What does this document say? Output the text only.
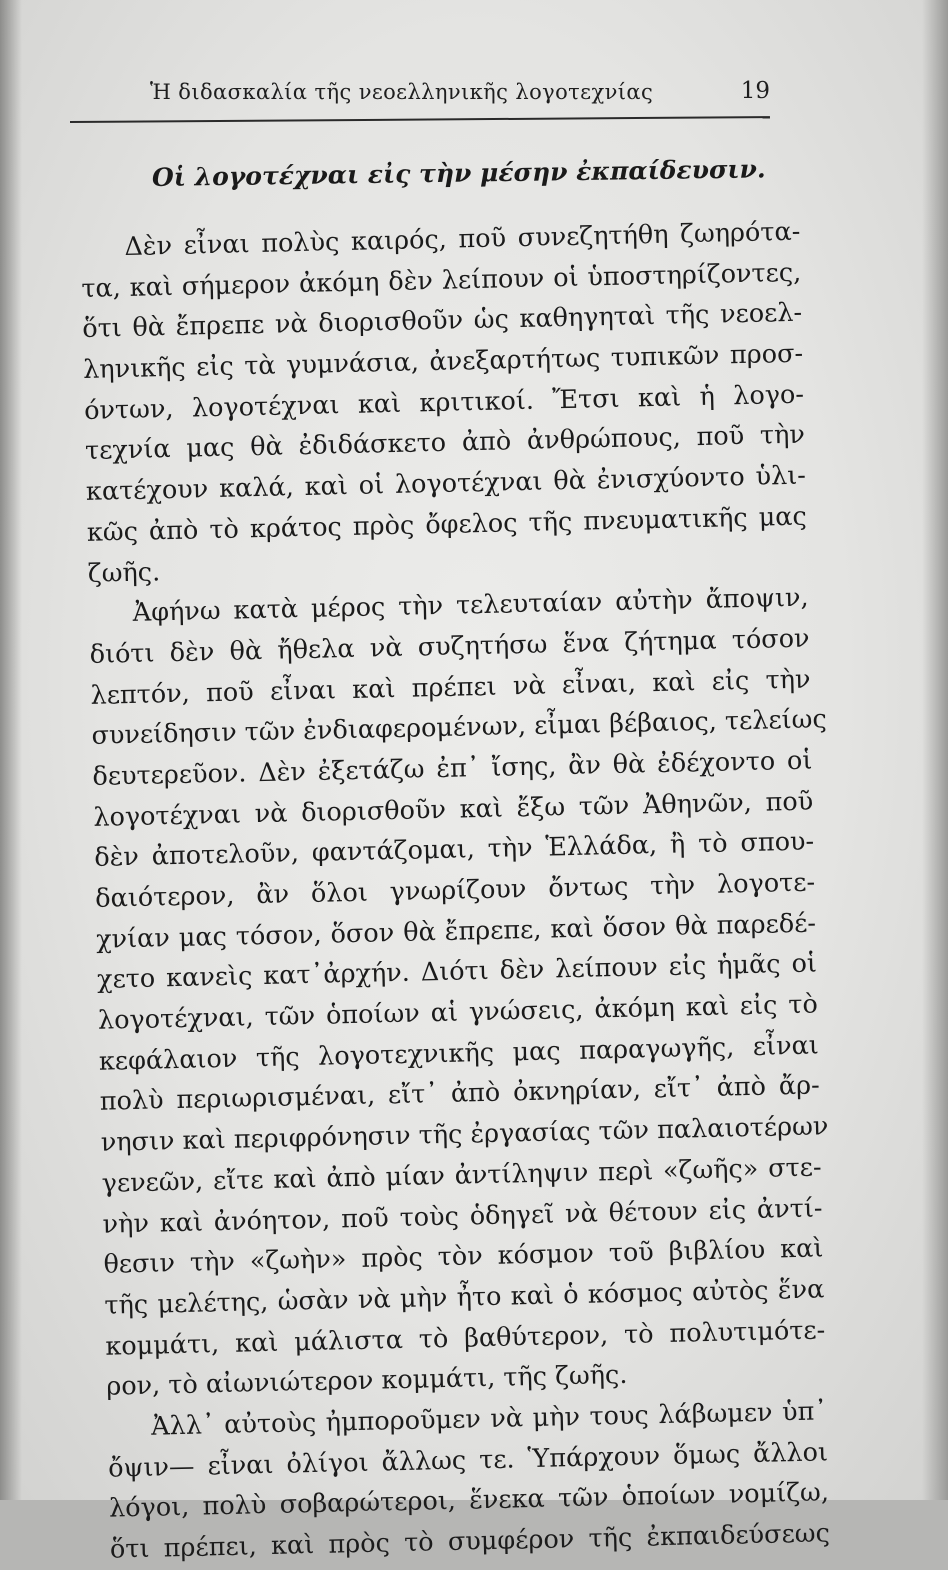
Ἡ διδασκαλία τῆς νεοελληνικῆς λογοτεχνίας	19
Οἱ λογοτέχναι εἰς τὴν μέσην ἐκπαίδευσιν.
Δὲν εἶναι πολὺς καιρός, ποῦ συνεζητήθη ζωηρότα-
τα, καὶ σήμερον ἀκόμη δὲν λείπουν οἱ ὑποστηρίζοντες,
ὅτι θὰ ἔπρεπε νὰ διορισθοῦν ὡς καθηγηταὶ τῆς νεοελ-
ληνικῆς εἰς τὰ γυμνάσια, ἀνεξαρτήτως τυπικῶν προσ-
όντων, λογοτέχναι καὶ κριτικοί. Ἔτσι καὶ ἡ λογο-
τεχνία μας θὰ ἐδιδάσκετο ἀπὸ ἀνθρώπους, ποῦ τὴν
κατέχουν καλά, καὶ οἱ λογοτέχναι θὰ ἐνισχύοντο ὑλι-
κῶς ἀπὸ τὸ κράτος πρὸς ὄφελος τῆς πνευματικῆς μας
ζωῆς.
Ἀφήνω κατὰ μέρος τὴν τελευταίαν αὐτὴν ἄποψιν,
διότι δὲν θὰ ἤθελα νὰ συζητήσω ἕνα ζήτημα τόσον
λεπτόν, ποῦ εἶναι καὶ πρέπει νὰ εἶναι, καὶ εἰς τὴν
συνείδησιν τῶν ἐνδιαφερομένων, εἶμαι βέβαιος, τελείως
δευτερεῦον. Δὲν ἐξετάζω ἐπ᾽ ἴσης, ἂν θὰ ἐδέχοντο οἱ
λογοτέχναι νὰ διορισθοῦν καὶ ἔξω τῶν Ἀθηνῶν, ποῦ
δὲν ἀποτελοῦν, φαντάζομαι, τὴν Ἑλλάδα, ἢ τὸ σπου-
δαιότερον, ἂν ὅλοι γνωρίζουν ὄντως τὴν λογοτε-
χνίαν μας τόσον, ὅσον θὰ ἔπρεπε, καὶ ὅσον θὰ παρεδέ-
χετο κανεὶς κατ᾽ἀρχήν. Διότι δὲν λείπουν εἰς ἡμᾶς οἱ
λογοτέχναι, τῶν ὁποίων αἱ γνώσεις, ἀκόμη καὶ εἰς τὸ
κεφάλαιον τῆς λογοτεχνικῆς μας παραγωγῆς, εἶναι
πολὺ περιωρισμέναι, εἴτ᾽ ἀπὸ ὀκνηρίαν, εἴτ᾽ ἀπὸ ἄρ-
νησιν καὶ περιφρόνησιν τῆς ἐργασίας τῶν παλαιοτέρων
γενεῶν, εἴτε καὶ ἀπὸ μίαν ἀντίληψιν περὶ «ζωῆς» στε-
νὴν καὶ ἀνόητον, ποῦ τοὺς ὁδηγεῖ νὰ θέτουν εἰς ἀντί-
θεσιν τὴν «ζωὴν» πρὸς τὸν κόσμον τοῦ βιβλίου καὶ
τῆς μελέτης, ὡσὰν νὰ μὴν ἦτο καὶ ὁ κόσμος αὐτὸς ἕνα
κομμάτι, καὶ μάλιστα τὸ βαθύτερον, τὸ πολυτιμότε-
ρον, τὸ αἰωνιώτερον κομμάτι, τῆς ζωῆς.
Ἀλλ᾽ αὐτοὺς ἠμποροῦμεν νὰ μὴν τους λάβωμεν ὑπ᾽
ὄψιν— εἶναι ὀλίγοι ἄλλως τε. Ὑπάρχουν ὅμως ἄλλοι
λόγοι, πολὺ σοβαρώτεροι, ἕνεκα τῶν ὁποίων νομίζω,
ὅτι πρέπει, καὶ πρὸς τὸ συμφέρον τῆς ἐκπαιδεύσεως
